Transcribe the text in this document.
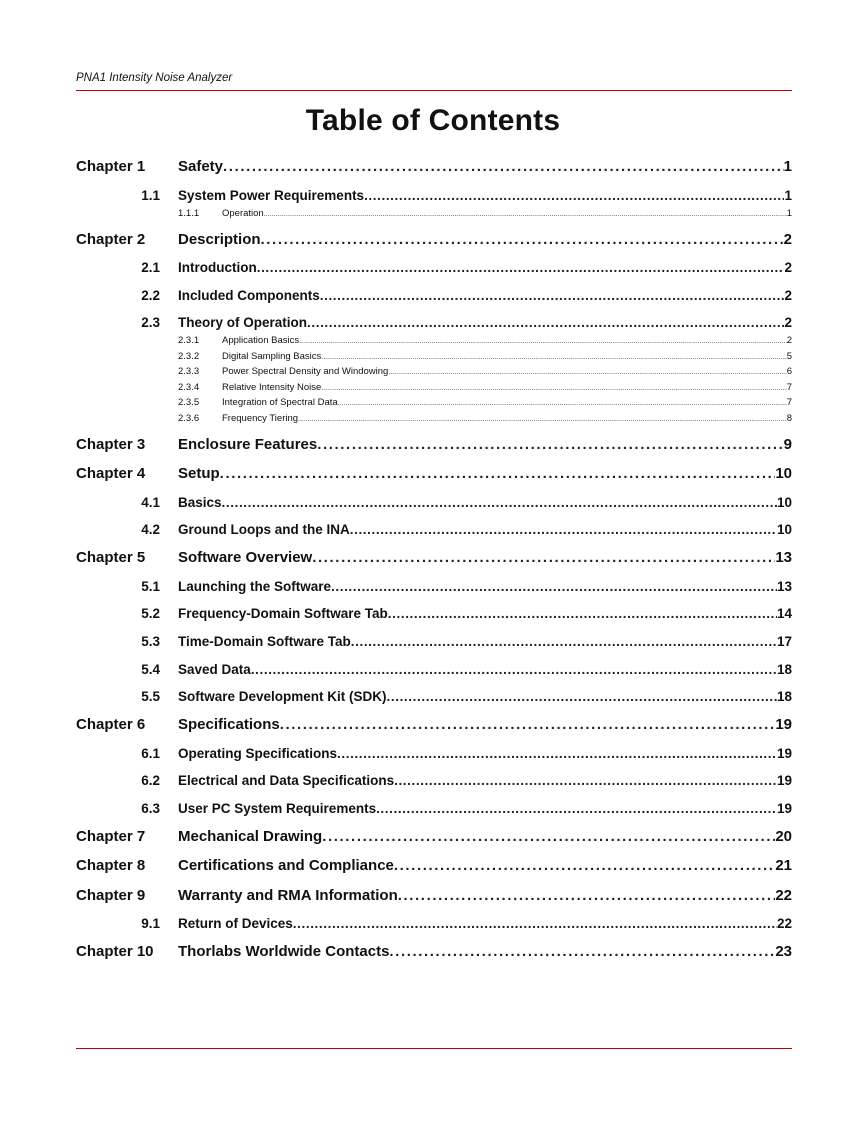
PNA1 Intensity Noise Analyzer
Table of Contents
Chapter 1	Safety .....	1
1.1	System Power Requirements .....	1
1.1.1	Operation .....	1
Chapter 2	Description .....	2
2.1	Introduction .....	2
2.2	Included Components .....	2
2.3	Theory of Operation .....	2
2.3.1	Application Basics .....	2
2.3.2	Digital Sampling Basics .....	5
2.3.3	Power Spectral Density and Windowing .....	6
2.3.4	Relative Intensity Noise .....	7
2.3.5	Integration of Spectral Data .....	7
2.3.6	Frequency Tiering .....	8
Chapter 3	Enclosure Features .....	9
Chapter 4	Setup .....	10
4.1	Basics .....	10
4.2	Ground Loops and the INA .....	10
Chapter 5	Software Overview .....	13
5.1	Launching the Software .....	13
5.2	Frequency-Domain Software Tab .....	14
5.3	Time-Domain Software Tab .....	17
5.4	Saved Data .....	18
5.5	Software Development Kit (SDK) .....	18
Chapter 6	Specifications .....	19
6.1	Operating Specifications .....	19
6.2	Electrical and Data Specifications .....	19
6.3	User PC System Requirements .....	19
Chapter 7	Mechanical Drawing .....	20
Chapter 8	Certifications and Compliance .....	21
Chapter 9	Warranty and RMA Information .....	22
9.1	Return of Devices .....	22
Chapter 10	Thorlabs Worldwide Contacts .....	23
